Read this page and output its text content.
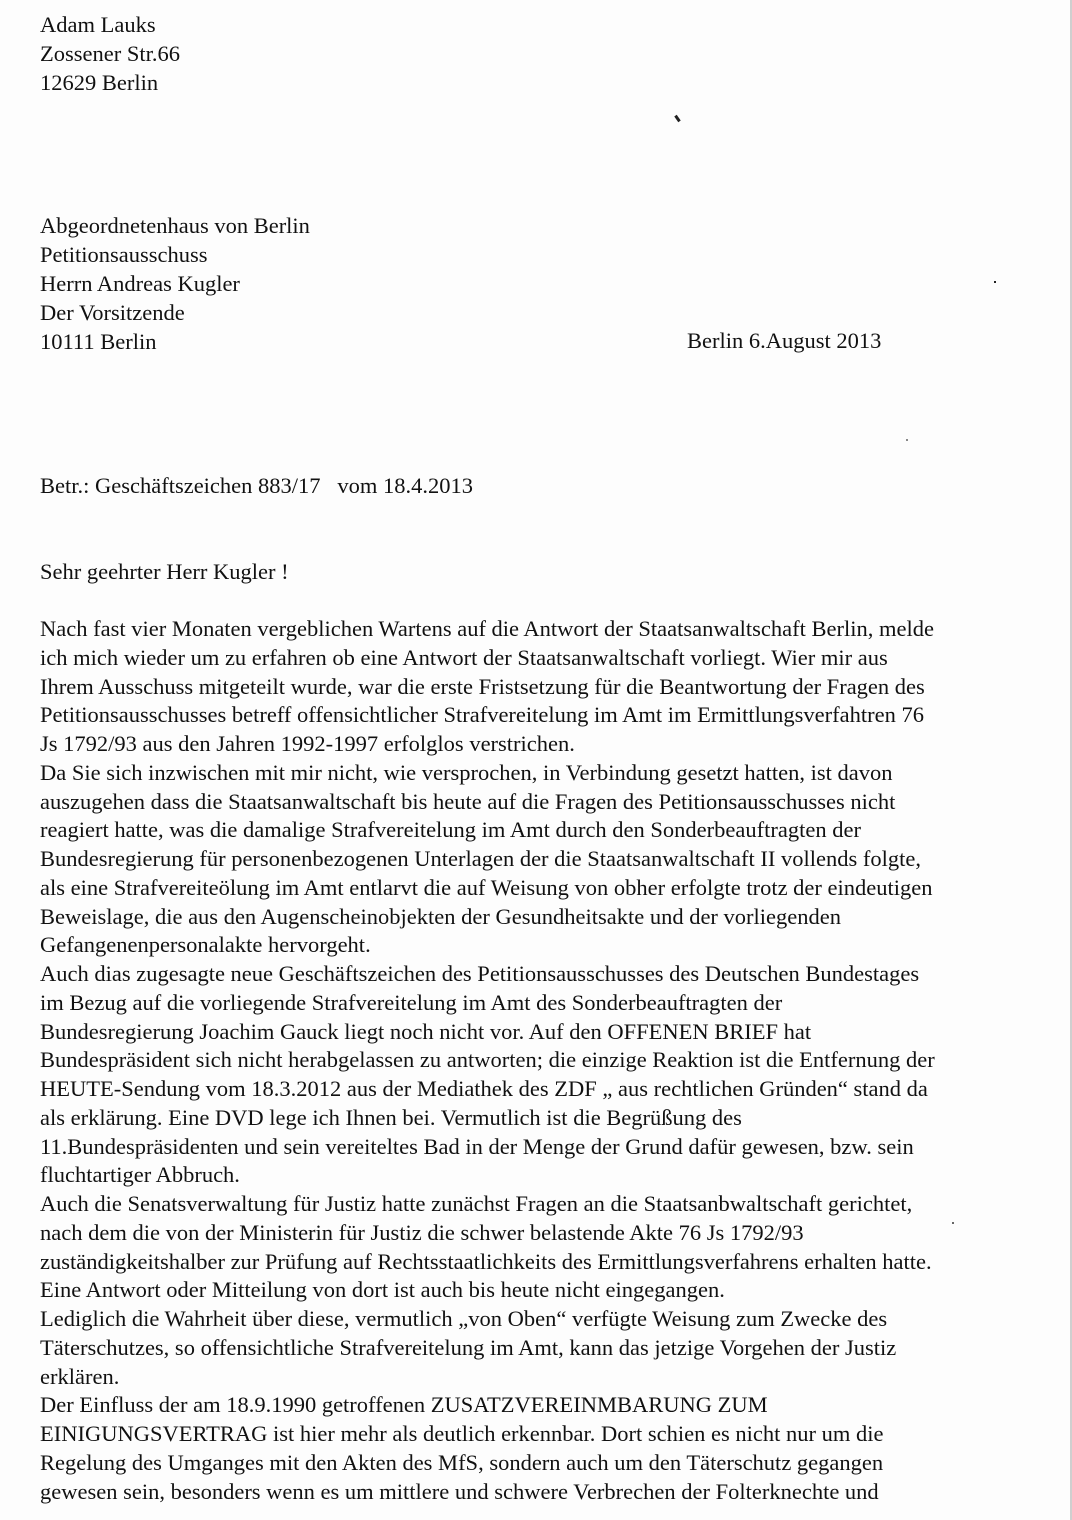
Adam Lauks
Zossener Str.66
12629 Berlin
Abgeordnetenhaus von Berlin
Petitionsausschuss
Herrn Andreas Kugler
Der Vorsitzende
10111 Berlin	Berlin 6.August 2013
Betr.: Geschäftszeichen 883/17   vom 18.4.2013
Sehr geehrter Herr Kugler !
Nach fast vier Monaten vergeblichen Wartens auf die Antwort der Staatsanwaltschaft Berlin, melde
ich mich wieder um zu erfahren ob eine Antwort der Staatsanwaltschaft vorliegt. Wier mir aus
Ihrem Ausschuss mitgeteilt wurde, war die erste Fristsetzung für die Beantwortung der Fragen des
Petitionsausschusses betreff offensichtlicher Strafvereitelung im Amt im Ermittlungsverfahtren 76
Js 1792/93 aus den Jahren 1992-1997 erfolglos verstrichen.
Da Sie sich inzwischen mit mir nicht, wie versprochen, in Verbindung gesetzt hatten, ist davon
auszugehen dass die Staatsanwaltschaft bis heute auf die Fragen des Petitionsausschusses nicht
reagiert hatte, was die damalige Strafvereitelung im Amt durch den Sonderbeauftragten der
Bundesregierung für personenbezogenen Unterlagen der die Staatsanwaltschaft II vollends folgte,
als eine Strafvereiteölung im Amt entlarvt die auf Weisung von obher erfolgte trotz der eindeutigen
Beweislage, die aus den Augenscheinobjekten der Gesundheitsakte und der vorliegenden
Gefangenenpersonalakte hervorgeht.
Auch dias zugesagte neue Geschäftszeichen des Petitionsausschusses des Deutschen Bundestages
im Bezug auf die vorliegende Strafvereitelung im Amt des Sonderbeauftragten der
Bundesregierung Joachim Gauck liegt noch nicht vor. Auf den OFFENEN BRIEF hat
Bundespräsident sich nicht herabgelassen zu antworten; die einzige Reaktion ist die Entfernung der
HEUTE-Sendung vom 18.3.2012 aus der Mediathek des ZDF „ aus rechtlichen Gründen“ stand da
als erklärung. Eine DVD lege ich Ihnen bei. Vermutlich ist die Begrüßung des
11.Bundespräsidenten und sein vereiteltes Bad in der Menge der Grund dafür gewesen, bzw. sein
fluchtartiger Abbruch.
Auch die Senatsverwaltung für Justiz hatte zunächst Fragen an die Staatsanbwaltschaft gerichtet,
nach dem die von der Ministerin für Justiz die schwer belastende Akte 76 Js 1792/93
zuständigkeitshalber zur Prüfung auf Rechtsstaatlichkeits des Ermittlungsverfahrens erhalten hatte.
Eine Antwort oder Mitteilung von dort ist auch bis heute nicht eingegangen.
Lediglich die Wahrheit über diese, vermutlich „von Oben“ verfügte Weisung zum Zwecke des
Täterschutzes, so offensichtliche Strafvereitelung im Amt, kann das jetzige Vorgehen der Justiz
erklären.
Der Einfluss der am 18.9.1990 getroffenen ZUSATZVEREINMBARUNG ZUM
EINIGUNGSVERTRAG ist hier mehr als deutlich erkennbar. Dort schien es nicht nur um die
Regelung des Umganges mit den Akten des MfS, sondern auch um den Täterschutz gegangen
gewesen sein, besonders wenn es um mittlere und schwere Verbrechen der Folterknechte und
